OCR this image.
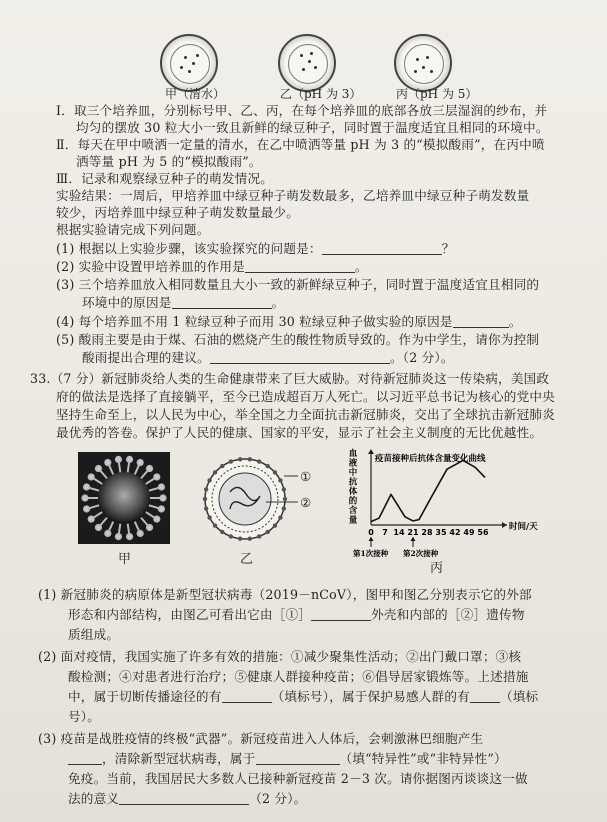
甲（清水）	乙（pH 为 3）	丙（pH 为 5）
Ⅰ．取三个培养皿，分别标号甲、乙、丙，在每个培养皿的底部各放三层湿润的纱布，并
均匀的摆放 30 粒大小一致且新鲜的绿豆种子，同时置于温度适宜且相同的环境中。
Ⅱ．每天在甲中喷洒一定量的清水，在乙中喷洒等量 pH 为 3 的“模拟酸雨”，在丙中喷
洒等量 pH 为 5 的“模拟酸雨”。
Ⅲ．记录和观察绿豆种子的萌发情况。
实验结果：一周后，甲培养皿中绿豆种子萌发数最多，乙培养皿中绿豆种子萌发数量
较少，丙培养皿中绿豆种子萌发数量最少。
根据实验请完成下列问题。
(1) 根据以上实验步骤，该实验探究的问题是：	？
(2) 实验中设置甲培养皿的作用是	。
(3) 三个培养皿放入相同数量且大小一致的新鲜绿豆种子，同时置于温度适宜且相同的
环境中的原因是	。
(4) 每个培养皿不用 1 粒绿豆种子而用 30 粒绿豆种子做实验的原因是	。
(5) 酸雨主要是由于煤、石油的燃烧产生的酸性物质导致的。作为中学生，请你为控制
酸雨提出合理的建议。	。（2 分）。
33.（7 分）新冠肺炎给人类的生命健康带来了巨大威胁。对待新冠肺炎这一传染病，美国政
府的做法是选择了直接躺平，至今已造成超百万人死亡。以习近平总书记为核心的党中央
坚持生命至上，以人民为中心，举全国之力全面抗击新冠肺炎，交出了全球抗击新冠肺炎
最优秀的答卷。保护了人民的健康、国家的平安，显示了社会主义制度的无比优越性。
甲
①
②
乙
血
液
中
抗
体
的
含
量
疫苗接种后抗体含量变化曲线
0 7 14 21 28 35 42 49 56
时间/天
第1次接种 第2次接种
丙
(1) 新冠肺炎的病原体是新型冠状病毒（2019－nCoV），图甲和图乙分别表示它的外部
形态和内部结构，由图乙可看出它由［①］	外壳和内部的［②］遗传物
质组成。
(2) 面对疫情，我国实施了许多有效的措施：①减少聚集性活动；②出门戴口罩；③核
酸检测；④对患者进行治疗；⑤健康人群接种疫苗；⑥倡导居家锻炼等。上述措施
中，属于切断传播途径的有	（填标号），属于保护易感人群的有 （填标
号）。
(3) 疫苗是战胜疫情的终极“武器”。新冠疫苗进入人体后，会刺激淋巴细胞产生
，清除新型冠状病毒，属于	（填“特异性”或“非特异性”）
免疫。当前，我国居民大多数人已接种新冠疫苗 2－3 次。请你据图丙谈谈这一做
法的意义	（2 分）。
